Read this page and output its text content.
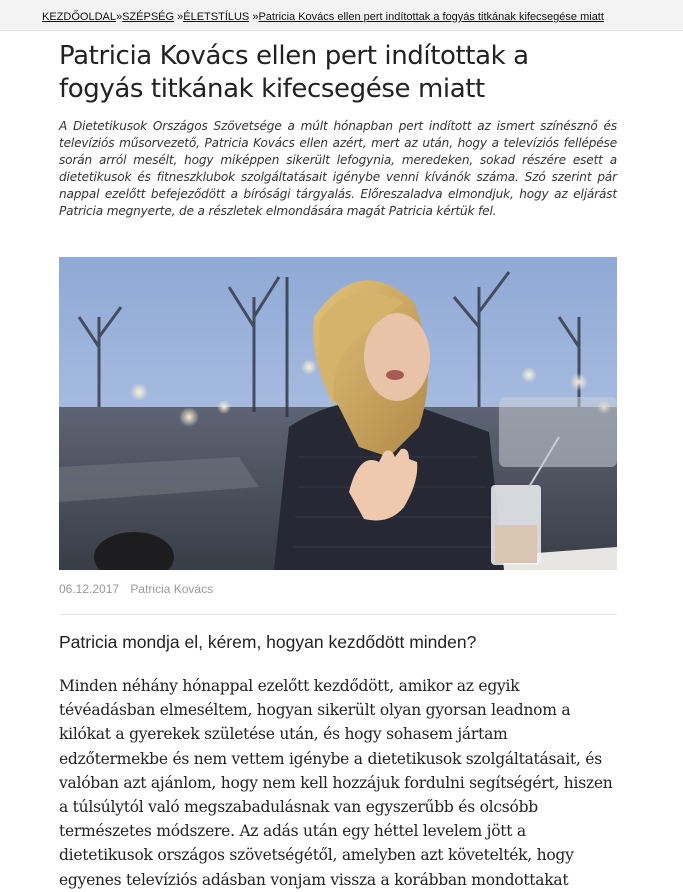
KEZDŐOLDAL»SZÉPSÉG »ÉLETSTÍLUS »Patricia Kovács ellen pert indítottak a fogyás titkának kifecsegése miatt
Patricia Kovács ellen pert indítottak a fogyás titkának kifecsegése miatt

A Dietetikusok Országos Szövetsége a múlt hónapban pert indított az ismert színésznő és televíziós műsorvezető, Patricia Kovács ellen azért, mert az után, hogy a televíziós fellépése során arról mesélt, hogy miképpen sikerült lefogynia, meredeken, sokad részére esett a dietetikusok és fitneszklubok szolgáltatásait igénybe venni kívánók száma. Szó szerint pár nappal ezelőtt befejeződött a bírósági tárgyalás. Előreszaladva elmondjuk, hogy az eljárást Patricia megnyerte, de a részletek elmondására magát Patricia kértük fel.

06.12.2017 Patricia Kovács
Patricia mondja el, kérem, hogyan kezdődött minden?

Minden néhány hónappal ezelőtt kezdődött, amikor az egyik tévéadásban elmeséltem, hogyan sikerült olyan gyorsan leadnom a kilókat a gyerekek születése után, és hogy sohasem jártam edzőtermekbe és nem vettem igénybe a dietetikusok szolgáltatásait, és valóban azt ajánlom, hogy nem kell hozzájuk fordulni segítségért, hiszen a túlsúlytól való megszabadulásnak van egyszerűbb és olcsóbb természetes módszere. Az adás után egy héttel levelem jött a dietetikusok országos szövetségétől, amelyben azt követelték, hogy egyenes televíziós adásban vonjam vissza a korábban mondottakat
